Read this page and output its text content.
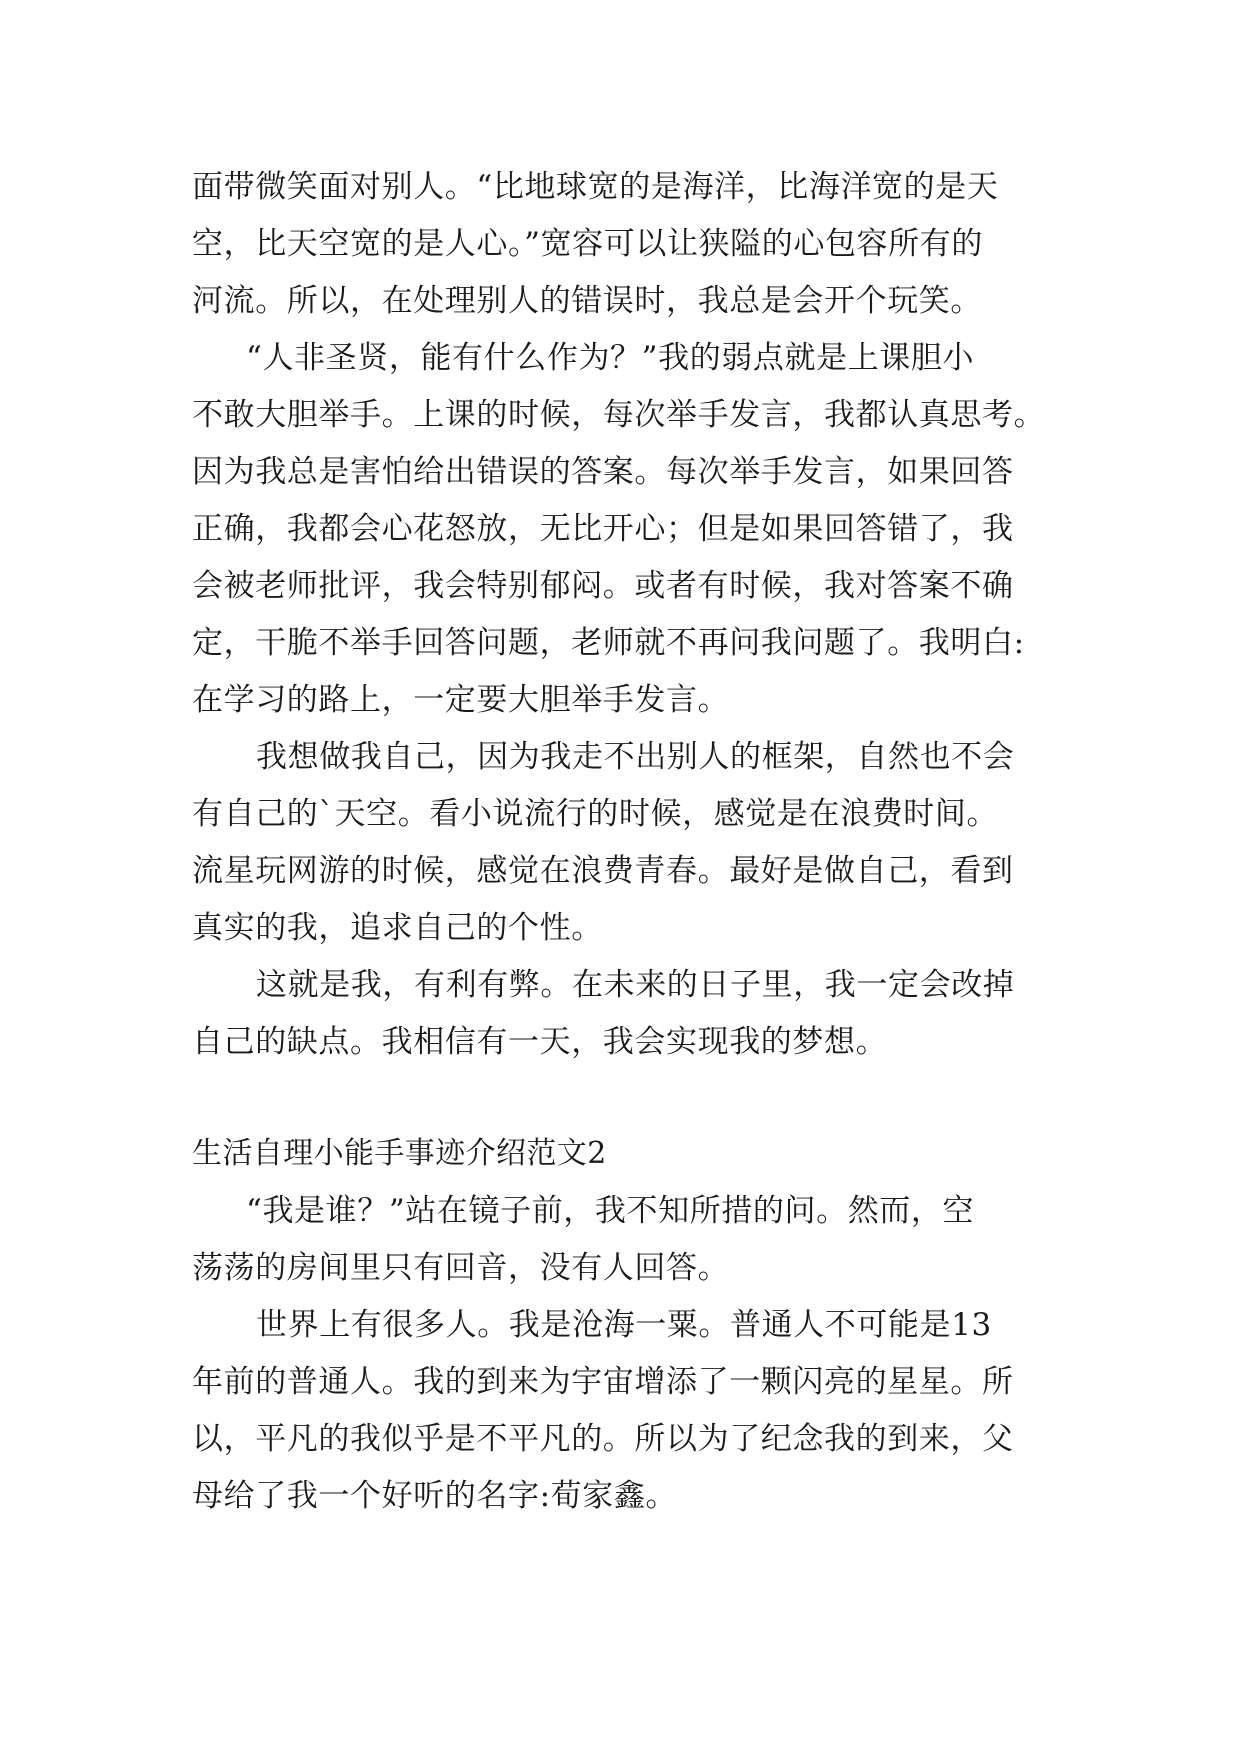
面带微笑面对别人。“比地球宽的是海洋，比海洋宽的是天
空，比天空宽的是人心。”宽容可以让狭隘的心包容所有的
河流。所以，在处理别人的错误时，我总是会开个玩笑。
“人非圣贤，能有什么作为？”我的弱点就是上课胆小
不敢大胆举手。上课的时候，每次举手发言，我都认真思考。
因为我总是害怕给出错误的答案。每次举手发言，如果回答
正确，我都会心花怒放，无比开心；但是如果回答错了，我
会被老师批评，我会特别郁闷。或者有时候，我对答案不确
定，干脆不举手回答问题，老师就不再问我问题了。我明白:
在学习的路上，一定要大胆举手发言。
我想做我自己，因为我走不出别人的框架，自然也不会
有自己的`天空。看小说流行的时候，感觉是在浪费时间。
流星玩网游的时候，感觉在浪费青春。最好是做自己，看到
真实的我，追求自己的个性。
这就是我，有利有弊。在未来的日子里，我一定会改掉
自己的缺点。我相信有一天，我会实现我的梦想。
生活自理小能手事迹介绍范文2
“我是谁？”站在镜子前，我不知所措的问。然而，空
荡荡的房间里只有回音，没有人回答。
世界上有很多人。我是沧海一粟。普通人不可能是13
年前的普通人。我的到来为宇宙增添了一颗闪亮的星星。所
以，平凡的我似乎是不平凡的。所以为了纪念我的到来，父
母给了我一个好听的名字:荀家鑫。
